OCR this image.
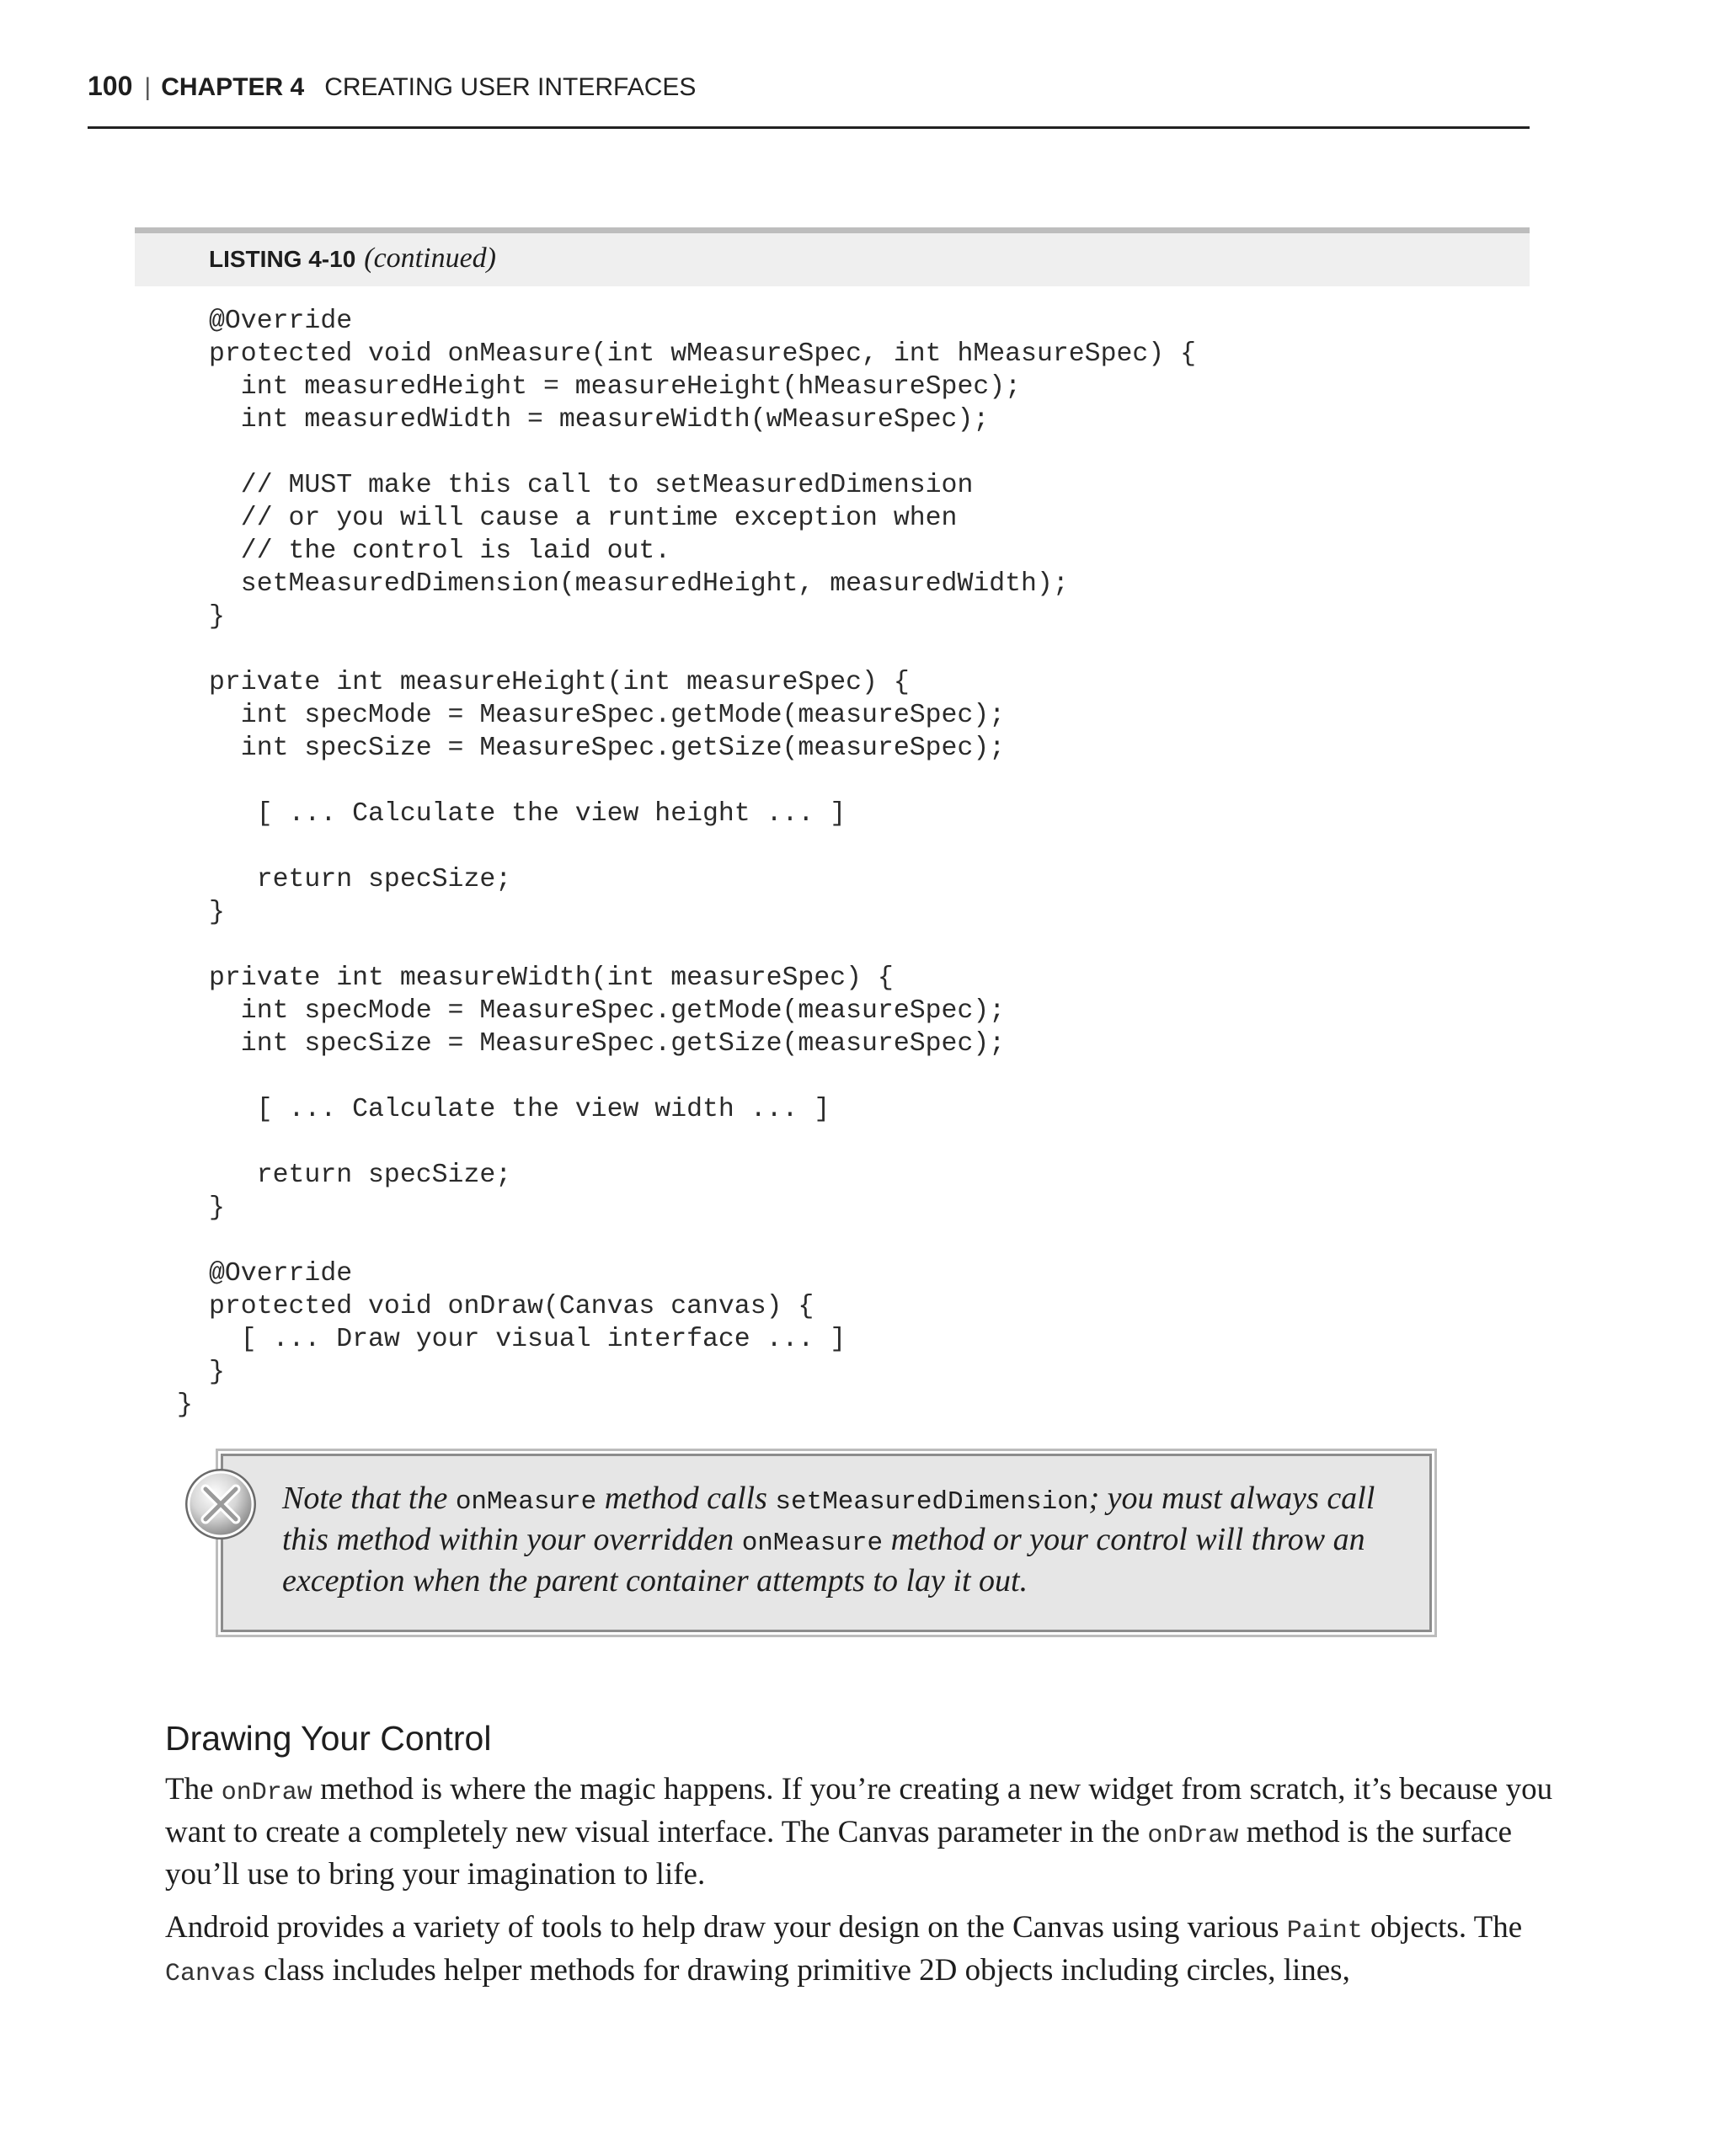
100 | CHAPTER 4 CREATING USER INTERFACES
LISTING 4-10 (continued)
@Override
protected void onMeasure(int wMeasureSpec, int hMeasureSpec) {
int measuredHeight = measureHeight(hMeasureSpec);
int measuredWidth = measureWidth(wMeasureSpec);

// MUST make this call to setMeasuredDimension
// or you will cause a runtime exception when
// the control is laid out.
setMeasuredDimension(measuredHeight, measuredWidth);
}

private int measureHeight(int measureSpec) {
int specMode = MeasureSpec.getMode(measureSpec);
int specSize = MeasureSpec.getSize(measureSpec);

[ ... Calculate the view height ... ]

return specSize;
}

private int measureWidth(int measureSpec) {
int specMode = MeasureSpec.getMode(measureSpec);
int specSize = MeasureSpec.getSize(measureSpec);

[ ... Calculate the view width ... ]

return specSize;
}

@Override
protected void onDraw(Canvas canvas) {
[ ... Draw your visual interface ... ]
}
}
Note that the onMeasure method calls setMeasuredDimension; you must always call this method within your overridden onMeasure method or your control will throw an exception when the parent container attempts to lay it out.
Drawing Your Control

The onDraw method is where the magic happens. If you’re creating a new widget from scratch, it’s because you want to create a completely new visual interface. The Canvas parameter in the onDraw method is the surface you’ll use to bring your imagination to life.

Android provides a variety of tools to help draw your design on the Canvas using various Paint objects. The Canvas class includes helper methods for drawing primitive 2D objects including circles, lines,
